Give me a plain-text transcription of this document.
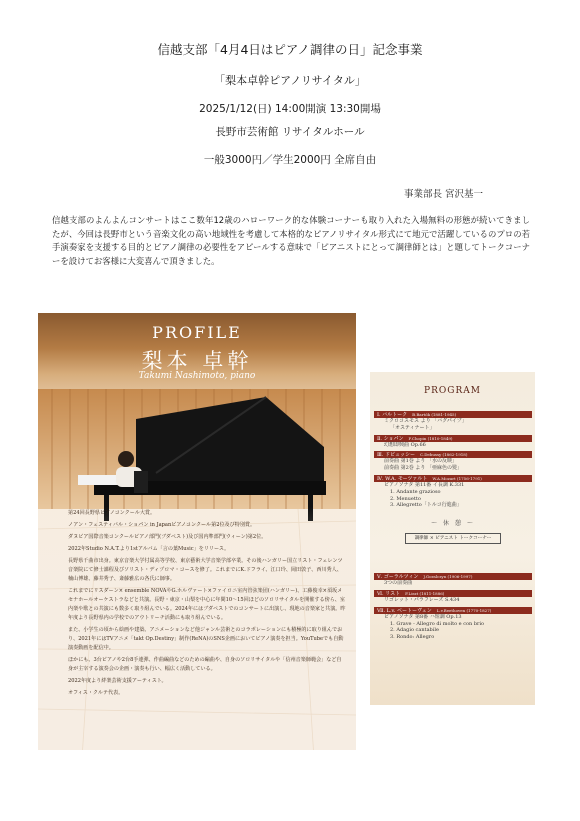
信越支部「4月4日はピアノ調律の日」記念事業
「梨本卓幹ピアノリサイタル」
2025/1/12(日) 14:00開演 13:30開場
長野市芸術館 リサイタルホール
一般3000円／学生2000円 全席自由
事業部長 宮沢基一
信越支部のよんよんコンサートはここ数年12歳のハローワーク的な体験コーナーも取り入れた入場無料の形態が続いてきましたが、今回は長野市という音楽文化の高い地域性を考慮して本格的なピアノリサイタル形式にて地元で活躍しているのプロの若手演奏家を支援する目的とピアノ調律の必要性をアピールする意味で「ピアニストにとって調律師とは」と題してトークコーナーを設けてお客様に大変喜んで頂きました。
PROFILE
梨本 卓幹
Takumi Nashimoto, piano

第24回長野県ピアノコンクール大賞。

ノアン・フェスティバル・ショパン in Japanピアノコンクール第2位及び特別賞。

ダヌビア国際音楽コンクールピアノ部門(ブダペスト)及び国内準部門(ウィーン)第2位。

2022年Studio N.A.T.より1stアルバム「言の葉Music」をリリース。

長野県千曲市出身。東京音楽大学付属高等学校、東京藝術大学音楽学部卒業。その後ハンガリー国立リスト・フェレンツ音楽院にて修士課程及びソリスト・ディプロマ・コースを修了。これまでにK.ドフライ、江口玲、岡田敦子、西川秀人、楠山博雄、藤井秀子、斎藤雅広の各氏に師事。

これまでにリスダーン× ensemble NOVAやG.ホルヴァート×ファイロニ室内管弦楽団(ハンガリー)、工藤俊幸×須坂メセナホールオーケストラなどと共演。長野・東京・山梨を中心に年間10〜15回ほどのソロリサイタルを開催する傍ら、室内楽や歌との共演にも数多く取り組んでいる。2024年にはブダペストでのコンサートに出演し、現地の音楽家と共演。昨年度より長野県内の学校でのアウトリーチ活動にも取り組んでいる。

また、小学生の頃から絵画や建築、アニメーションなど他ジャンル芸術とのコラボレーションにも積極的に取り組んでおり、2021年にはTVアニメ「takt Op.Destiny」制作(ReNA)のSNS企画においてピアノ演奏を担当。YouTubeでも自動演奏動画を配信中。

ほかにも、3台ピアノや2台8手連弾、作曲編曲などのための編曲や、自身のソロリサイタルや「信州音楽師範会」など自身が主宰する演奏会の企画・演奏も行い、幅広く活動している。

2022年度より絆楽芸術支援アーティスト。

オフィス・クルテ代表。

PROGRAM
Ⅰ. バルトーク B.Bartók (1881-1945)
ミクロコスモス より 「バグパイプ」
「オスティナート」
Ⅱ. ショパン F.Chopin (1810-1849)
幻想即興曲 Op.66
Ⅲ. ドビュッシー C.Debussy (1862-1918)
前奏曲 第1巻 より 「水の反映」
前奏曲 第2巻 より 「亜麻色の髪」
Ⅳ. W.A. モーツァルト W.A.Mozart (1756-1791)
ピアノソナタ 第11番 イ長調 K.331
1. Andante grazioso
2. Menuetto
3. Allegretto「トルコ行進曲」
〜 休 憩 〜
調律師 × ピアニスト トークコーナー
Ⅴ. ゴーラルツィン J.Goralczyn (1906-1997)
3つの前奏曲
Ⅵ. リスト F.Liszt (1811-1886)
リゴレット・パラフレーズ S.434
Ⅶ. L.v. ベートーヴェン L.v.Beethoven (1770-1827)
ピアノソナタ 第8番 ハ短調 Op.13
1. Grave - Allegro di molto e con brio
2. Adagio cantabile
3. Rondo: Allegro
